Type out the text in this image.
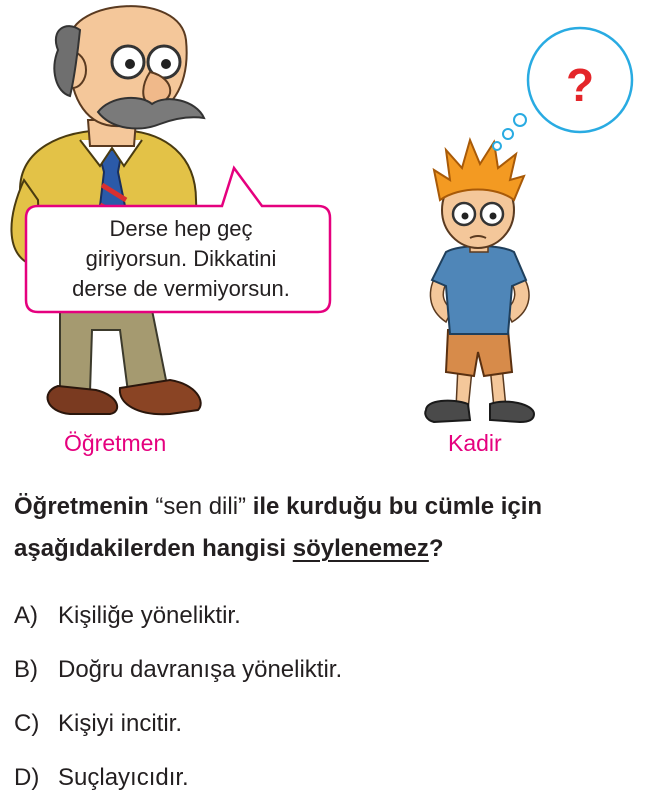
Derse hep geç
giriyorsun. Dikkatini
derse de vermiyorsun.
?
Öğretmen	Kadir
Öğretmenin “sen dili” ile kurduğu bu cümle için
aşağıdakilerden hangisi söylenemez?
A) Kişiliğe yöneliktir.
B) Doğru davranışa yöneliktir.
C) Kişiyi incitir.
D) Suçlayıcıdır.
